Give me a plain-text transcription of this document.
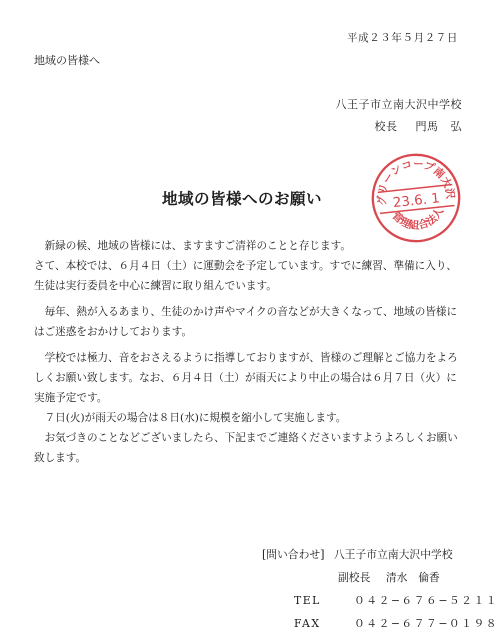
平成２３年５月２７日
地域の皆様へ
八王子市立南大沢中学校
校長 門馬 弘
グリーンコープ南大沢
23.6. 1
管理組合法人
地域の皆様へのお願い

　新緑の候、地域の皆様には、ますますご清祥のことと存じます。

さて、本校では、６月４日（土）に運動会を予定しています。すでに練習、準備に入り、

生徒は実行委員を中心に練習に取り組んでいます。

　毎年、熱が入るあまり、生徒のかけ声やマイクの音などが大きくなって、地域の皆様に

はご迷惑をおかけしております。

　学校では極力、音をおさえるように指導しておりますが、皆様のご理解とご協力をよろ

しくお願い致します。なお、６月４日（土）が雨天により中止の場合は６月７日（火）に

実施予定です。

　７日(火)が雨天の場合は８日(水)に規模を縮小して実施します。

　お気づきのことなどございましたら、下記までご連絡くださいますようよろしくお願い

致します。

[問い合わせ] 八王子市立南大沢中学校
副校長 清水　倫香
TEL	０４２−６７６−５２１１
FAX	０４２−６７７−０１９８
